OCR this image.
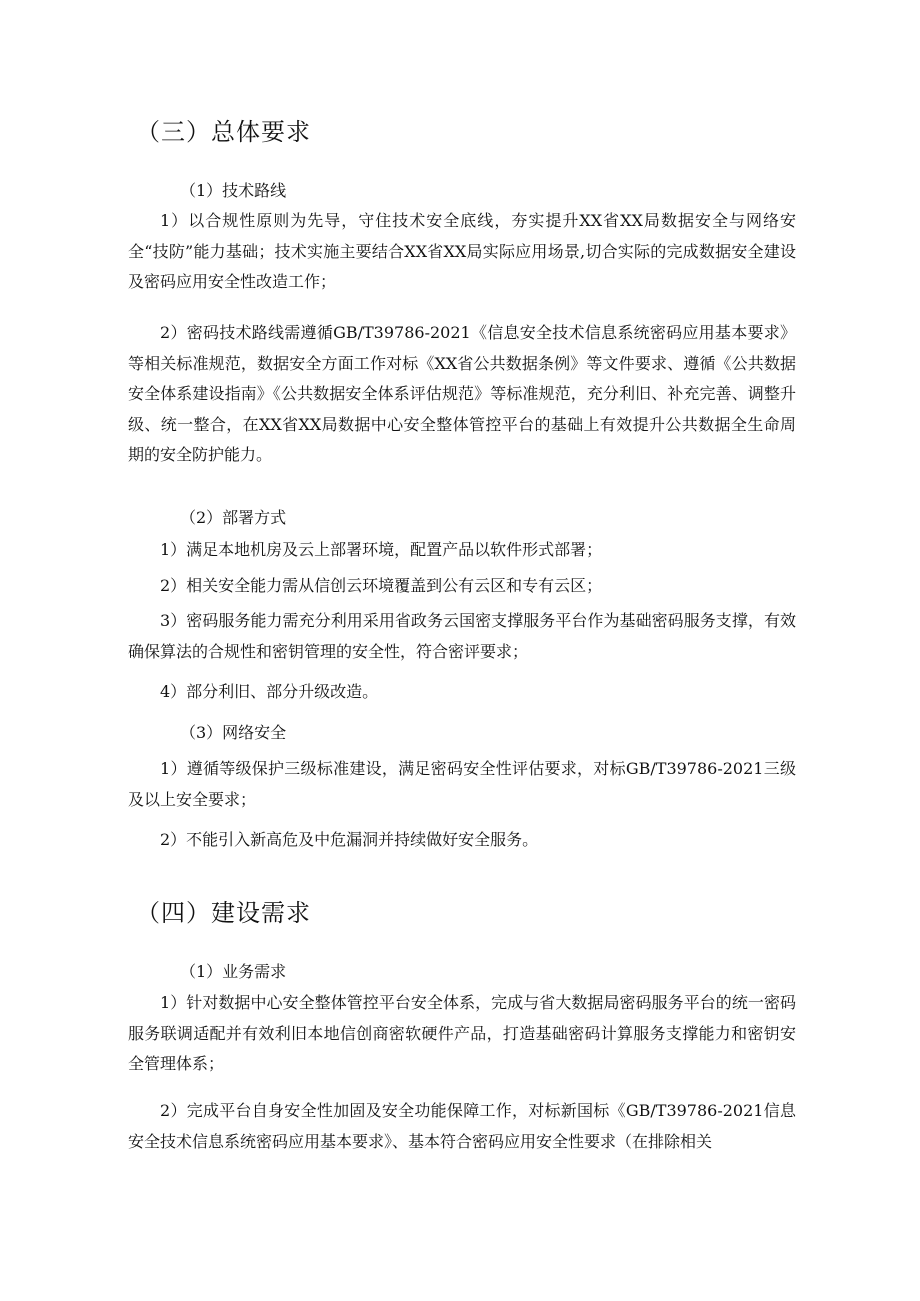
（三）总体要求

（1）技术路线

1）以合规性原则为先导，守住技术安全底线，夯实提升XX省XX局数据安全与网络安全“技防”能力基础；技术实施主要结合XX省XX局实际应用场景,切合实际的完成数据安全建设及密码应用安全性改造工作；

2）密码技术路线需遵循GB/T39786-2021《信息安全技术信息系统密码应用基本要求》等相关标准规范，数据安全方面工作对标《XX省公共数据条例》等文件要求、遵循《公共数据安全体系建设指南》《公共数据安全体系评估规范》等标准规范，充分利旧、补充完善、调整升级、统一整合，在XX省XX局数据中心安全整体管控平台的基础上有效提升公共数据全生命周期的安全防护能力。

（2）部署方式

1）满足本地机房及云上部署环境，配置产品以软件形式部署；

2）相关安全能力需从信创云环境覆盖到公有云区和专有云区；

3）密码服务能力需充分利用采用省政务云国密支撑服务平台作为基础密码服务支撑，有效确保算法的合规性和密钥管理的安全性，符合密评要求；

4）部分利旧、部分升级改造。

（3）网络安全

1）遵循等级保护三级标准建设，满足密码安全性评估要求，对标GB/T39786-2021三级及以上安全要求；

2）不能引入新高危及中危漏洞并持续做好安全服务。

（四）建设需求

（1）业务需求

1）针对数据中心安全整体管控平台安全体系，完成与省大数据局密码服务平台的统一密码服务联调适配并有效利旧本地信创商密软硬件产品，打造基础密码计算服务支撑能力和密钥安全管理体系；

2）完成平台自身安全性加固及安全功能保障工作，对标新国标《GB/T39786-2021信息安全技术信息系统密码应用基本要求》、基本符合密码应用安全性要求（在排除相关
